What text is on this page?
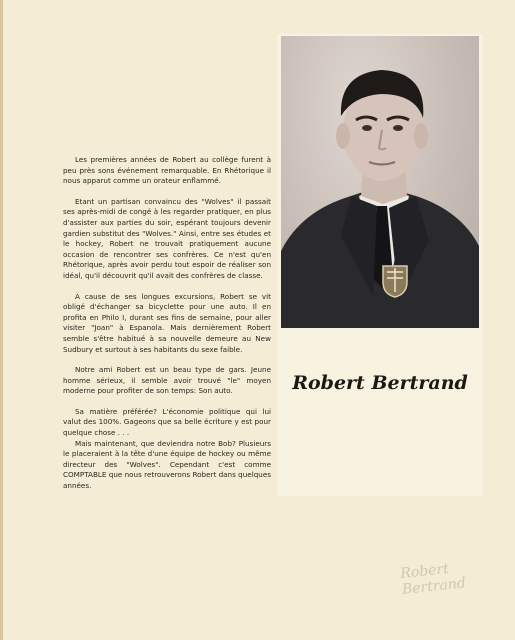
Les premières années de Robert au collège furent à peu près sons événement remarquable. En Rhétorique il nous apparut comme un orateur enflammé.

Etant un partisan convaincu des "Wolves" il passait ses après-midi de congé à les regarder pratiquer, en plus d'assister aux parties du soir, espérant toujours devenir gardien substitut des "Wolves." Ainsi, entre ses études et le hockey, Robert ne trouvait pratiquement aucune occasion de rencontrer ses confrères. Ce n'est qu'en Rhétorique, après avoir perdu tout espoir de réaliser son idéal, qu'il découvrit qu'il avait des confrères de classe.

A cause de ses longues excursions, Robert se vit obligé d'échanger sa bicyclette pour une auto. Il en profita en Philo I, durant ses fins de semaine, pour aller visiter "Joan" à Espanola. Mais dernièrement Robert semble s'être habitué à sa nouvelle demeure au New Sudbury et surtout à ses habitants du sexe faible.

Notre ami Robert est un beau type de gars. Jeune homme sérieux, il semble avoir trouvé "le" moyen moderne pour profiter de son temps: Son auto.

Sa matière préférée? L'économie politique qui lui valut des 100%. Gageons que sa belle écriture y est pour quelque chose . . .

Mais maintenant, que deviendra notre Bob? Plusieurs le placeraient à la tête d'une équipe de hockey ou même directeur des "Wolves". Cependant c'est comme COMPTABLE que nous retrouverons Robert dans quelques années.

Robert Bertrand
Robert Bertrand
